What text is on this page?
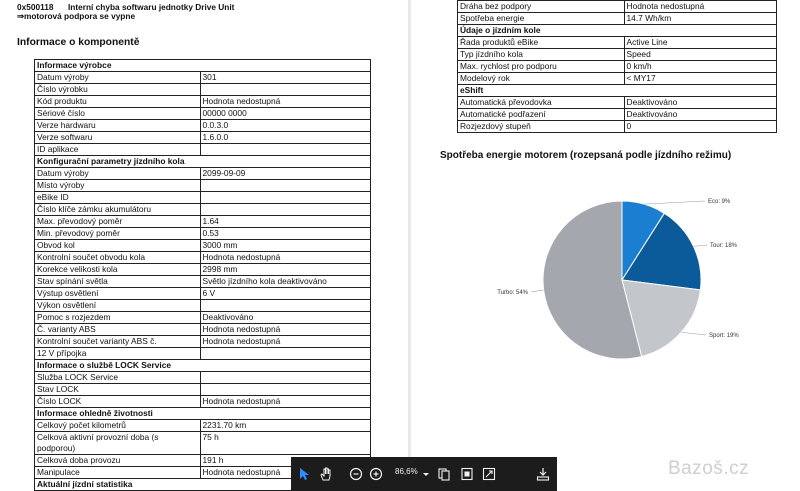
0x500118 Interní chyba softwaru jednotky Drive Unit
⇒motorová podpora se vypne
Informace o komponentě
Informace výrobce	
Datum výroby	301
Číslo výrobku	
Kód produktu	Hodnota nedostupná
Sériové číslo	00000 0000
Verze hardwaru	0.0.3.0
Verze softwaru	1.6.0.0
ID aplikace	
Konfigurační parametry jízdního kola	
Datum výroby	2099-09-09
Místo výroby	
eBike ID	
Číslo klíče zámku akumulátoru	
Max. převodový poměr	1.64
Min. převodový poměr	0.53
Obvod kol	3000 mm
Kontrolní součet obvodu kola	Hodnota nedostupná
Korekce velikosti kola	2998 mm
Stav spínání světla	Světlo jízdního kola deaktivováno
Výstup osvětlení	6 V
Výkon osvětlení	
Pomoc s rozjezdem	Deaktivováno
Č. varianty ABS	Hodnota nedostupná
Kontrolní součet varianty ABS č.	Hodnota nedostupná
12 V přípojka	
Informace o službě LOCK Service	
Služba LOCK Service	
Stav LOCK	
Číslo LOCK	Hodnota nedostupná
Informace ohledně životnosti	
Celkový počet kilometrů	2231.70 km
Celková aktivní provozní doba (s podporou)	75 h
Celková doba provozu	191 h
Manipulace	Hodnota nedostupná
Aktuální jízdní statistika	
Dráha bez podpory	Hodnota nedostupná
Spotřeba energie	14.7 Wh/km
Údaje o jízdním kole	
Řada produktů eBike	Active Line
Typ jízdního kola	Speed
Max. rychlost pro podporu	0 km/h
Modelový rok	< MY17
eShift	
Automatická převodovka	Deaktivováno
Automatické podřazení	Deaktivováno
Rozjezdový stupeň	0
Spotřeba energie motorem (rozepsaná podle jízdního režimu)
Eco: 9%
Tour: 18%
Sport: 19%
Turbo: 54%
86,6%	Bazoš.cz
